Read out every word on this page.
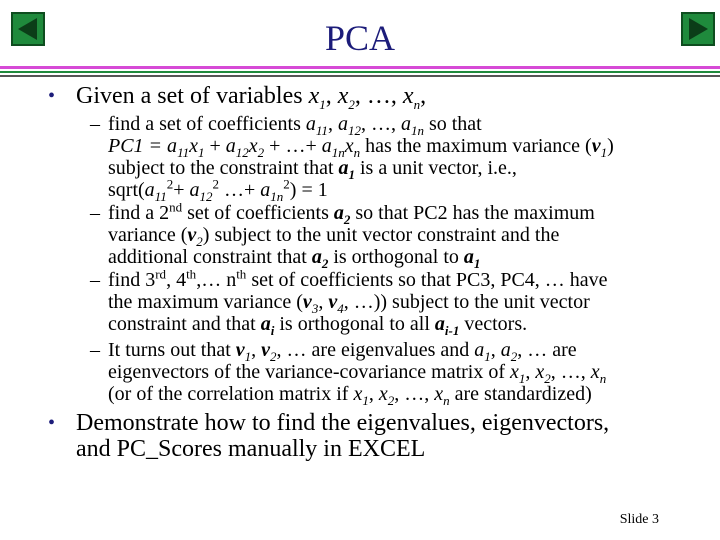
PCA
• Given a set of variables $x_1$, $x_2$, …, $x_n$,
– find a set of coefficients $a_{11}$, $a_{12}$, …, $a_{1n}$ so that
$PC1 = a_{11}x_1 + a_{12}x_2$ + …+ $a_{1n}x_n$ has the maximum variance $(v_1)$
subject to the constraint that $a_1$ is a unit vector, i.e.,
$sqrt(a_{11}^2+ a_{12}^2$ …+ $a_{1n}^2) = 1$
– find a 2nd set of coefficients $a_2$ so that PC2 has the maximum
variance $(v_2)$ subject to the unit vector constraint and the
additional constraint that $a_2$ is orthogonal to $a_1$
– find 3rd, 4th,… $n^{th}$ set of coefficients so that PC3, PC4, … have
the maximum variance ($v_3$, $v_4$, …)) subject to the unit vector
constraint and that $a_i$ is orthogonal to all $a_{i-1}$ vectors.
– It turns out that $v_1$, $v_2$, … are eigenvalues and $a_1$, $a_2$, … are
eigenvectors of the variance-covariance matrix of $x_1$, $x_2$, …, $x_n$
(or of the correlation matrix if $x_1$, $x_2$, …, $x_n$ are standardized)
• Demonstrate how to find the eigenvalues, eigenvectors,
and PC_Scores manually in EXCEL
Slide 3
